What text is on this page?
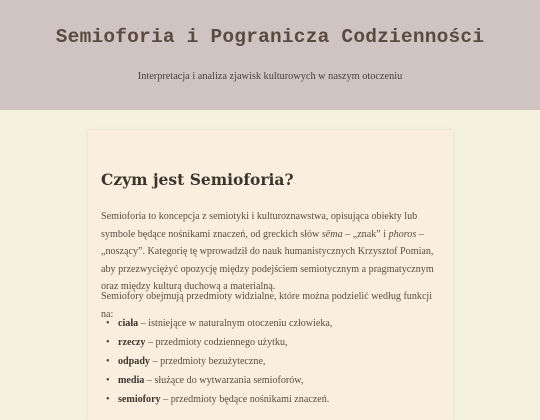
Semioforia i Pogranicza Codzienności

Interpretacja i analiza zjawisk kulturowych w naszym otoczeniu

Czym jest Semioforia?

Semioforia to koncepcja z semiotyki i kulturoznawstwa, opisująca obiekty lub symbole będące nośnikami znaczeń, od greckich słów sēma – „znak” i phoros – „noszący”. Kategorię tę wprowadził do nauk humanistycznych Krzysztof Pomian, aby przezwyciężyć opozycję między podejściem semiotycznym a pragmatycznym oraz między kulturą duchową a materialną.

Semiofory obejmują przedmioty widzialne, które można podzielić według funkcji na:

• ciała – istniejące w naturalnym otoczeniu człowieka,
• rzeczy – przedmioty codziennego użytku,
• odpady – przedmioty bezużyteczne,
• media – służące do wytwarzania semioforów,
• semiofory – przedmioty będące nośnikami znaczeń.
